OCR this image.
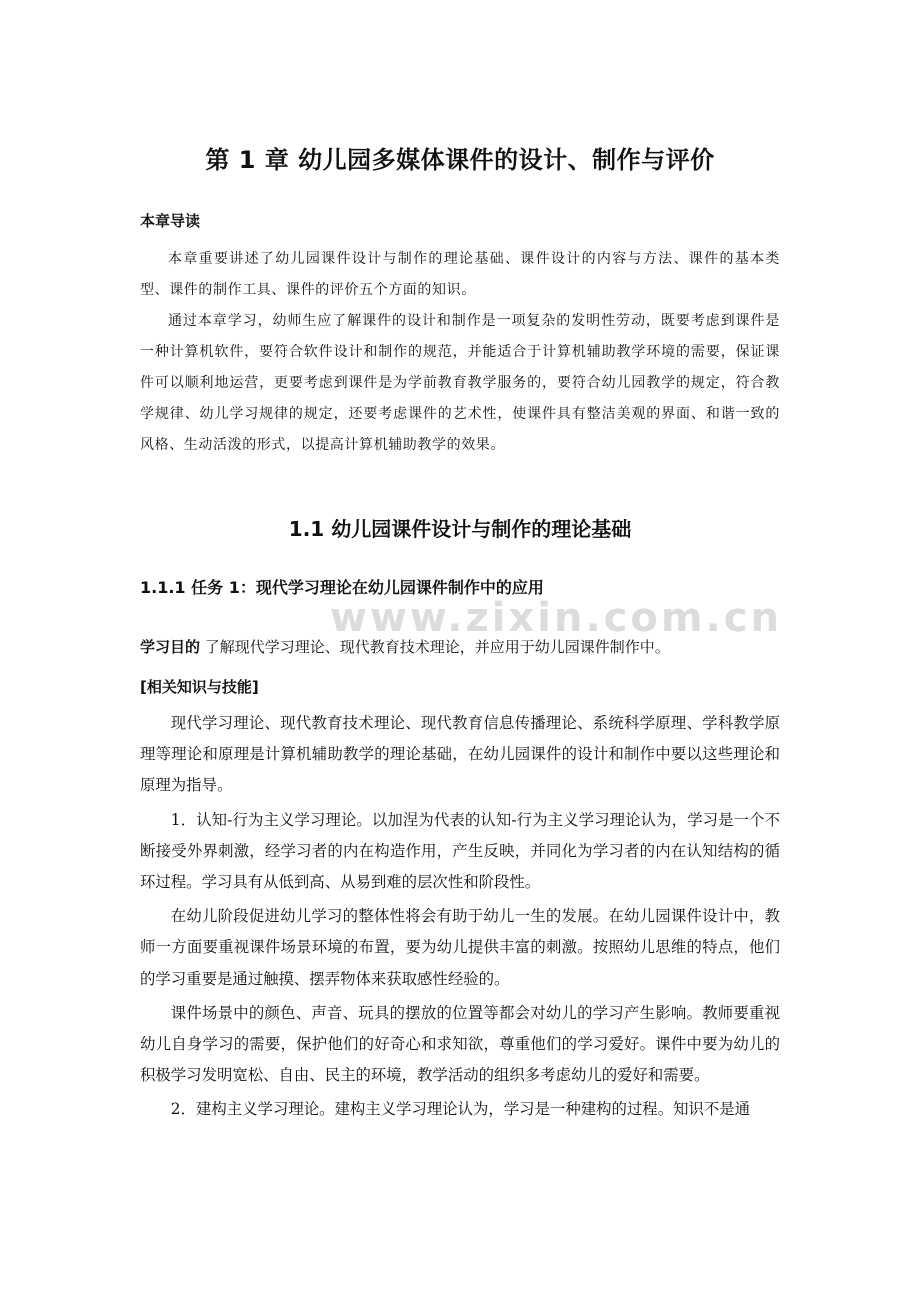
第 1 章 幼儿园多媒体课件的设计、制作与评价
本章导读

本章重要讲述了幼儿园课件设计与制作的理论基础、课件设计的内容与方法、课件的基本类型、课件的制作工具、课件的评价五个方面的知识。

通过本章学习，幼师生应了解课件的设计和制作是一项复杂的发明性劳动，既要考虑到课件是一种计算机软件，要符合软件设计和制作的规范，并能适合于计算机辅助教学环境的需要，保证课件可以顺利地运营，更要考虑到课件是为学前教育教学服务的，要符合幼儿园教学的规定，符合教学规律、幼儿学习规律的规定，还要考虑课件的艺术性，使课件具有整洁美观的界面、和谐一致的风格、生动活泼的形式，以提高计算机辅助教学的效果。

1.1 幼儿园课件设计与制作的理论基础
1.1.1 任务 1：现代学习理论在幼儿园课件制作中的应用
www.zixin.com.cn
学习目的 了解现代学习理论、现代教育技术理论，并应用于幼儿园课件制作中。
[相关知识与技能]

现代学习理论、现代教育技术理论、现代教育信息传播理论、系统科学原理、学科教学原理等理论和原理是计算机辅助教学的理论基础，在幼儿园课件的设计和制作中要以这些理论和原理为指导。

1．认知-行为主义学习理论。以加涅为代表的认知-行为主义学习理论认为，学习是一个不断接受外界刺激，经学习者的内在构造作用，产生反映，并同化为学习者的内在认知结构的循环过程。学习具有从低到高、从易到难的层次性和阶段性。

在幼儿阶段促进幼儿学习的整体性将会有助于幼儿一生的发展。在幼儿园课件设计中，教师一方面要重视课件场景环境的布置，要为幼儿提供丰富的刺激。按照幼儿思维的特点，他们的学习重要是通过触摸、摆弄物体来获取感性经验的。

课件场景中的颜色、声音、玩具的摆放的位置等都会对幼儿的学习产生影响。教师要重视幼儿自身学习的需要，保护他们的好奇心和求知欲，尊重他们的学习爱好。课件中要为幼儿的积极学习发明宽松、自由、民主的环境，教学活动的组织多考虑幼儿的爱好和需要。

2．建构主义学习理论。建构主义学习理论认为，学习是一种建构的过程。知识不是通
